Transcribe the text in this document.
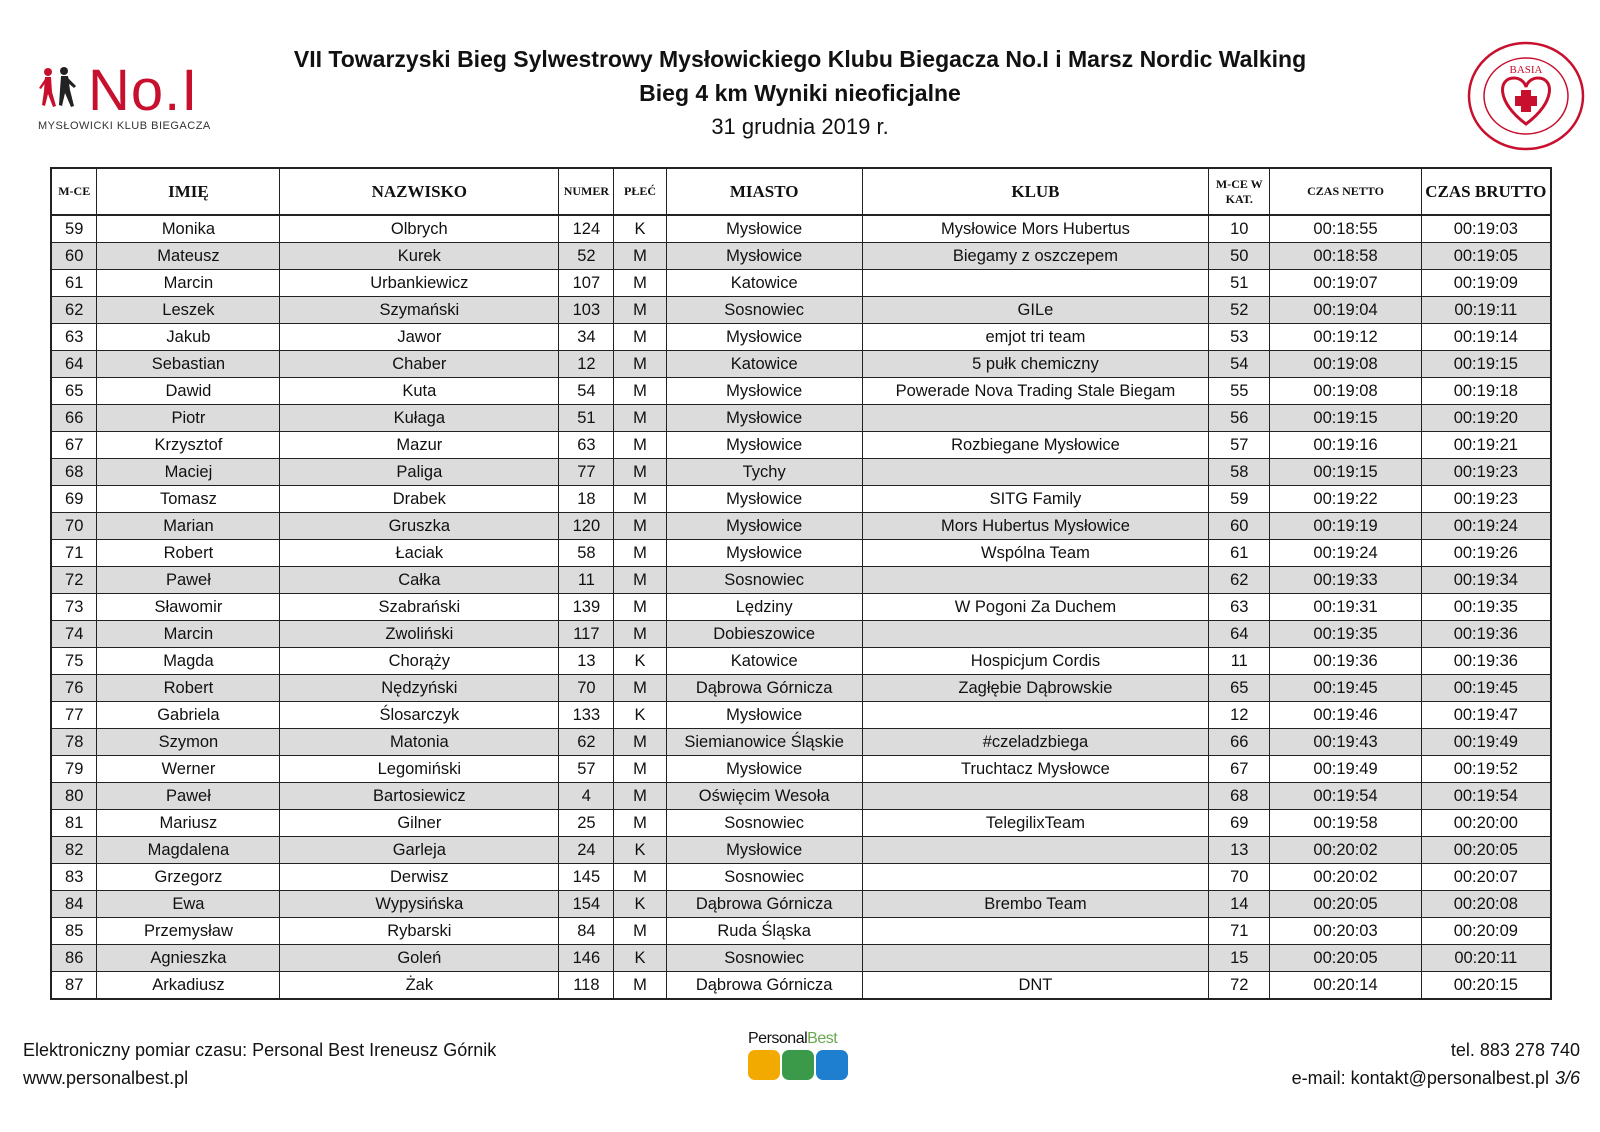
No.I
MYSŁOWICKI KLUB BIEGACZA
VII Towarzyski Bieg Sylwestrowy Mysłowickiego Klubu Biegacza No.I i Marsz Nordic Walking
Bieg 4 km Wyniki nieoficjalne
31 grudnia 2019 r.
BASIA
M-CE	IMIĘ	NAZWISKO	NUMER	PŁEĆ	MIASTO	KLUB	M-CE W KAT.	CZAS NETTO	CZAS BRUTTO
59	Monika	Olbrych	124	K	Mysłowice	Mysłowice Mors Hubertus	10	00:18:55	00:19:03
60	Mateusz	Kurek	52	M	Mysłowice	Biegamy z oszczepem	50	00:18:58	00:19:05
61	Marcin	Urbankiewicz	107	M	Katowice		51	00:19:07	00:19:09
62	Leszek	Szymański	103	M	Sosnowiec	GILe	52	00:19:04	00:19:11
63	Jakub	Jawor	34	M	Mysłowice	emjot tri team	53	00:19:12	00:19:14
64	Sebastian	Chaber	12	M	Katowice	5 pułk chemiczny	54	00:19:08	00:19:15
65	Dawid	Kuta	54	M	Mysłowice	Powerade Nova Trading Stale Biegam	55	00:19:08	00:19:18
66	Piotr	Kułaga	51	M	Mysłowice		56	00:19:15	00:19:20
67	Krzysztof	Mazur	63	M	Mysłowice	Rozbiegane Mysłowice	57	00:19:16	00:19:21
68	Maciej	Paliga	77	M	Tychy		58	00:19:15	00:19:23
69	Tomasz	Drabek	18	M	Mysłowice	SITG Family	59	00:19:22	00:19:23
70	Marian	Gruszka	120	M	Mysłowice	Mors Hubertus Mysłowice	60	00:19:19	00:19:24
71	Robert	Łaciak	58	M	Mysłowice	Wspólna Team	61	00:19:24	00:19:26
72	Paweł	Całka	11	M	Sosnowiec		62	00:19:33	00:19:34
73	Sławomir	Szabrański	139	M	Lędziny	W Pogoni Za Duchem	63	00:19:31	00:19:35
74	Marcin	Zwoliński	117	M	Dobieszowice		64	00:19:35	00:19:36
75	Magda	Chorąży	13	K	Katowice	Hospicjum Cordis	11	00:19:36	00:19:36
76	Robert	Nędzyński	70	M	Dąbrowa Górnicza	Zagłębie Dąbrowskie	65	00:19:45	00:19:45
77	Gabriela	Ślosarczyk	133	K	Mysłowice		12	00:19:46	00:19:47
78	Szymon	Matonia	62	M	Siemianowice Śląskie	#czeladzbiega	66	00:19:43	00:19:49
79	Werner	Legomiński	57	M	Mysłowice	Truchtacz Mysłowce	67	00:19:49	00:19:52
80	Paweł	Bartosiewicz	4	M	Oświęcim Wesoła		68	00:19:54	00:19:54
81	Mariusz	Gilner	25	M	Sosnowiec	TelegilixTeam	69	00:19:58	00:20:00
82	Magdalena	Garleja	24	K	Mysłowice		13	00:20:02	00:20:05
83	Grzegorz	Derwisz	145	M	Sosnowiec		70	00:20:02	00:20:07
84	Ewa	Wypysińska	154	K	Dąbrowa Górnicza	Brembo Team	14	00:20:05	00:20:08
85	Przemysław	Rybarski	84	M	Ruda Śląska		71	00:20:03	00:20:09
86	Agnieszka	Goleń	146	K	Sosnowiec		15	00:20:05	00:20:11
87	Arkadiusz	Żak	118	M	Dąbrowa Górnicza	DNT	72	00:20:14	00:20:15
Elektroniczny pomiar czasu: Personal Best Ireneusz Górnik
www.personalbest.pl
PersonalBest
tel. 883 278 740
e-mail: kontakt@personalbest.pl 3/6
